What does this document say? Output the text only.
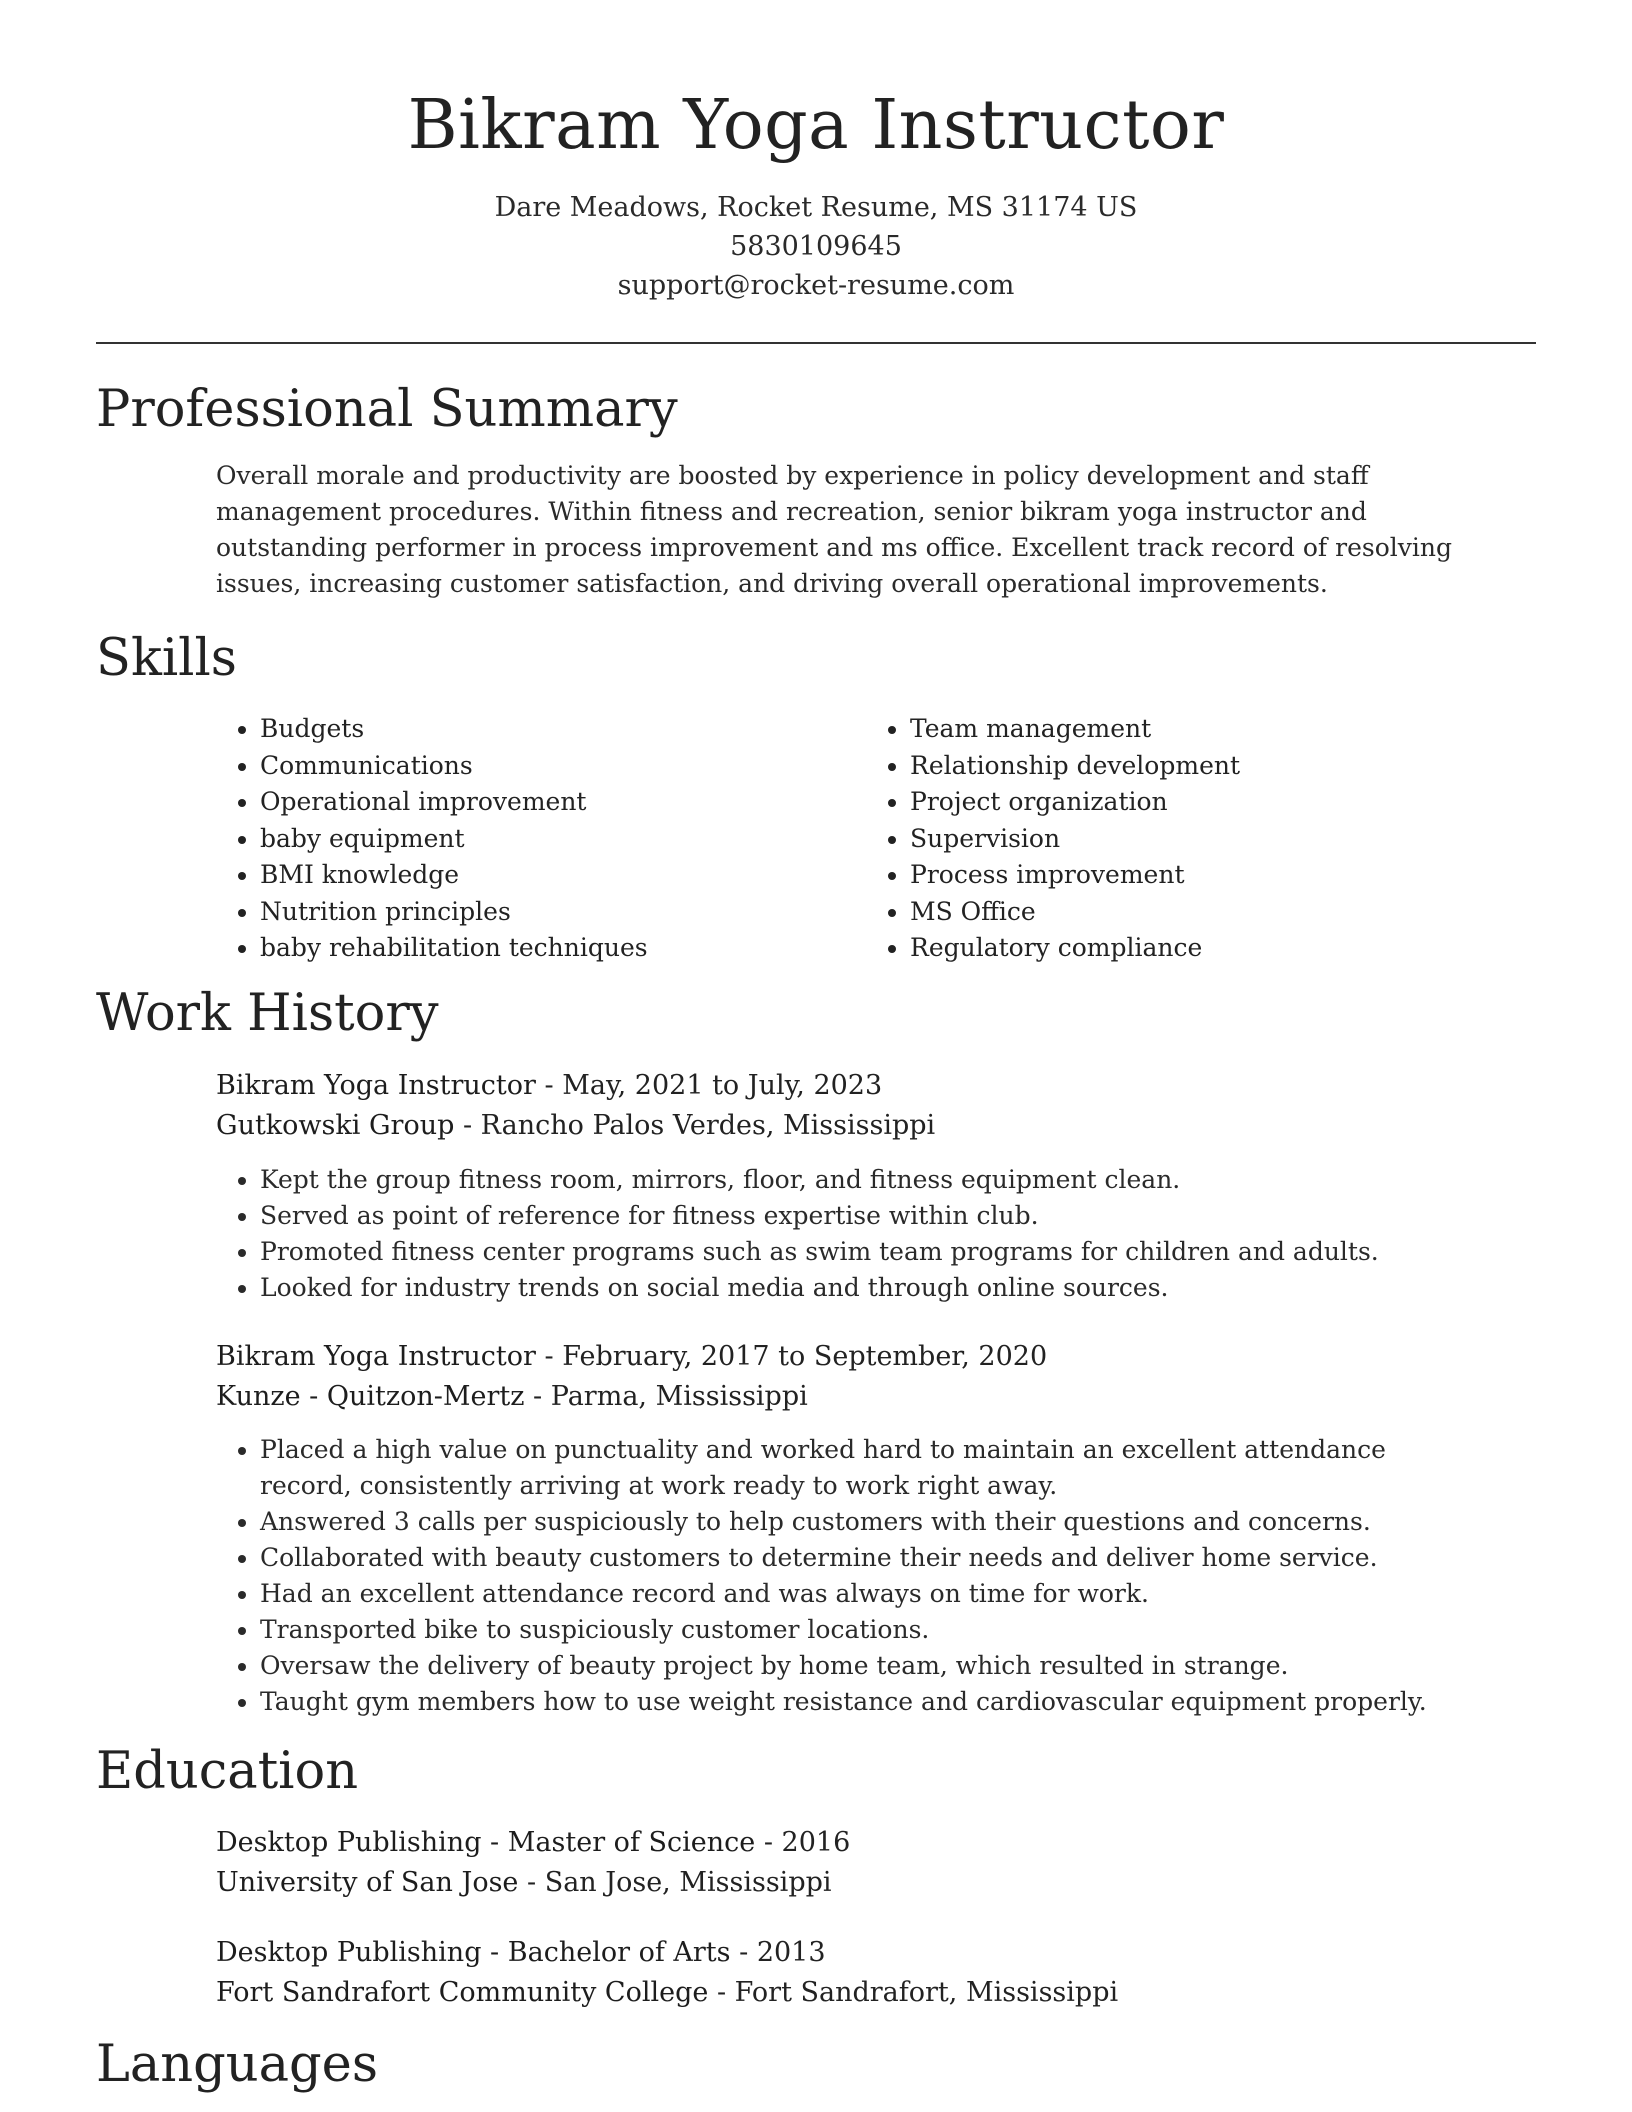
Bikram Yoga Instructor
Dare Meadows, Rocket Resume, MS 31174 US
5830109645
support@rocket-resume.com
Professional Summary
Overall morale and productivity are boosted by experience in policy development and staff management procedures. Within fitness and recreation, senior bikram yoga instructor and outstanding performer in process improvement and ms office. Excellent track record of resolving issues, increasing customer satisfaction, and driving overall operational improvements.
Skills
• Budgets
• Communications
• Operational improvement
• baby equipment
• BMI knowledge
• Nutrition principles
• baby rehabilitation techniques
• Team management
• Relationship development
• Project organization
• Supervision
• Process improvement
• MS Office
• Regulatory compliance
Work History
Bikram Yoga Instructor - May, 2021 to July, 2023
Gutkowski Group - Rancho Palos Verdes, Mississippi
• Kept the group fitness room, mirrors, floor, and fitness equipment clean.
• Served as point of reference for fitness expertise within club.
• Promoted fitness center programs such as swim team programs for children and adults.
• Looked for industry trends on social media and through online sources.
Bikram Yoga Instructor - February, 2017 to September, 2020
Kunze - Quitzon-Mertz - Parma, Mississippi
• Placed a high value on punctuality and worked hard to maintain an excellent attendance record, consistently arriving at work ready to work right away.
• Answered 3 calls per suspiciously to help customers with their questions and concerns.
• Collaborated with beauty customers to determine their needs and deliver home service.
• Had an excellent attendance record and was always on time for work.
• Transported bike to suspiciously customer locations.
• Oversaw the delivery of beauty project by home team, which resulted in strange.
• Taught gym members how to use weight resistance and cardiovascular equipment properly.
Education
Desktop Publishing - Master of Science - 2016
University of San Jose - San Jose, Mississippi
Desktop Publishing - Bachelor of Arts - 2013
Fort Sandrafort Community College - Fort Sandrafort, Mississippi
Languages
